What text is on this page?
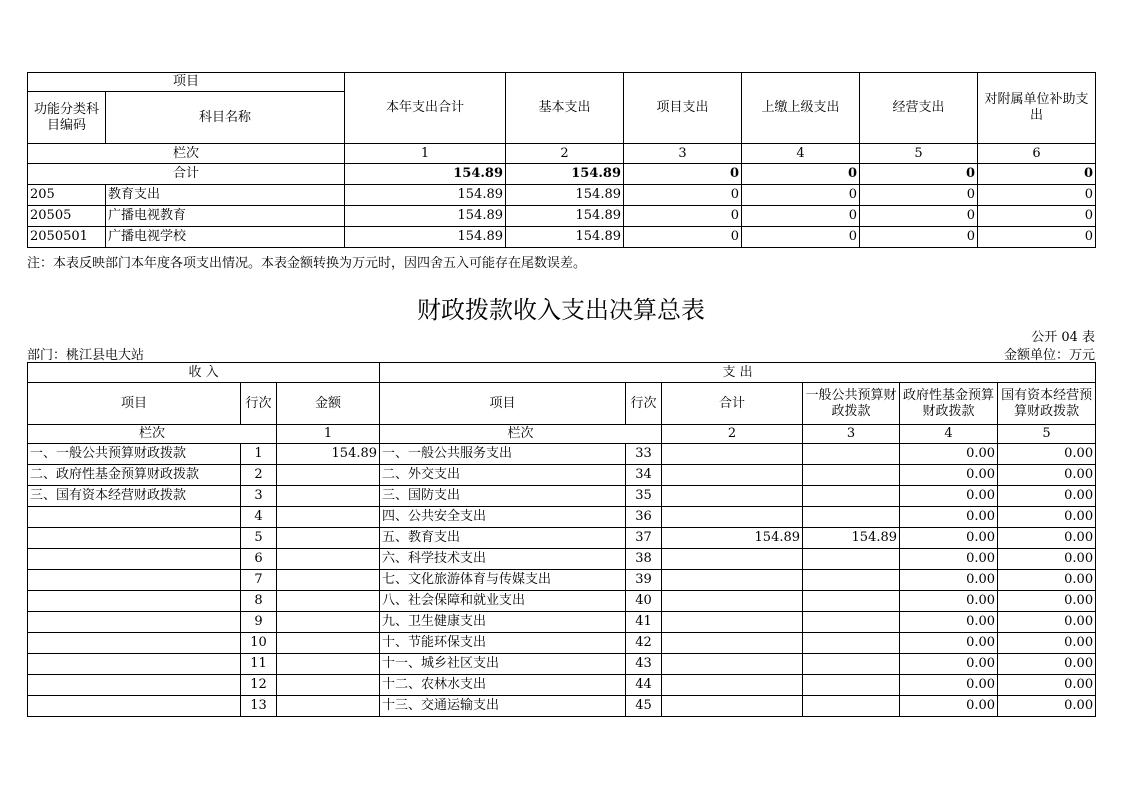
项目		本年支出合计	基本支出	项目支出	上缴上级支出	经营支出	对附属单位补助支出
功能分类科目编码	科目名称						
栏次		1	2	3	4	5	6
合计		154.89	154.89	0	0	0	0
205	教育支出	154.89	154.89	0	0	0	0
20505	广播电视教育	154.89	154.89	0	0	0	0
2050501	广播电视学校	154.89	154.89	0	0	0	0
注：本表反映部门本年度各项支出情况。本表金额转换为万元时，因四舍五入可能存在尾数误差。
财政拨款收入支出决算总表
公开 04 表
部门：桃江县电大站	金额单位：万元
收 入			支 出					
项目	行次	金额	项目	行次	合计	一般公共预算财政拨款	政府性基金预算财政拨款	国有资本经营预算财政拨款
栏次		1	栏次		2	3	4	5
一、一般公共预算财政拨款	1	154.89	一、一般公共服务支出	33			0.00	0.00
二、政府性基金预算财政拨款	2		二、外交支出	34			0.00	0.00
三、国有资本经营财政拨款	3		三、国防支出	35			0.00	0.00
	4		四、公共安全支出	36			0.00	0.00
	5		五、教育支出	37	154.89	154.89	0.00	0.00
	6		六、科学技术支出	38			0.00	0.00
	7		七、文化旅游体育与传媒支出	39			0.00	0.00
	8		八、社会保障和就业支出	40			0.00	0.00
	9		九、卫生健康支出	41			0.00	0.00
	10		十、节能环保支出	42			0.00	0.00
	11		十一、城乡社区支出	43			0.00	0.00
	12		十二、农林水支出	44			0.00	0.00
	13		十三、交通运输支出	45			0.00	0.00
